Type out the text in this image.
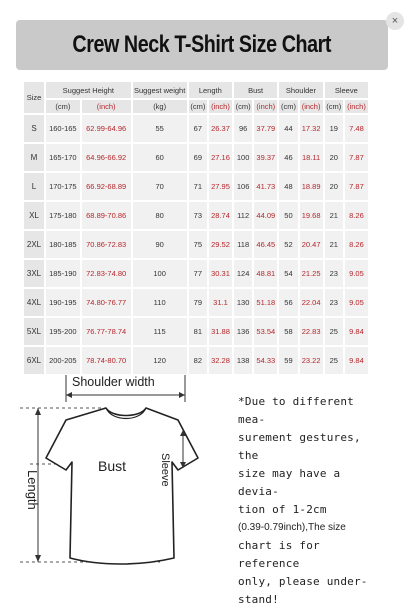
Crew Neck T-Shirt Size Chart
×
Size	Suggest Height		Suggest weight	Length		Bust		Shoulder		Sleeve	
	(cm)	(inch)	(kg)	(cm)	(inch)	(cm)	(inch)	(cm)	(inch)	(cm)	(inch)
S	160-165	62.99-64.96	55	67	26.37	96	37.79	44	17.32	19	7.48
M	165-170	64.96-66.92	60	69	27.16	100	39.37	46	18.11	20	7.87
L	170-175	66.92-68.89	70	71	27.95	106	41.73	48	18.89	20	7.87
XL	175-180	68.89-70.86	80	73	28.74	112	44.09	50	19.68	21	8.26
2XL	180-185	70.86-72.83	90	75	29.52	118	46.45	52	20.47	21	8.26
3XL	185-190	72.83-74.80	100	77	30.31	124	48.81	54	21.25	23	9.05
4XL	190-195	74.80-76.77	110	79	31.1	130	51.18	56	22.04	23	9.05
5XL	195-200	76.77-78.74	115	81	31.88	136	53.54	58	22.83	25	9.84
6XL	200-205	78.74-80.70	120	82	32.28	138	54.33	59	23.22	25	9.84
Shoulder width
Bust	Sleeve
Length
*Due to different mea-
surement gestures, the
size may have a devia-
tion of 1-2cm
(0.39-0.79inch),The size
chart is for reference
only, please under-
stand!
